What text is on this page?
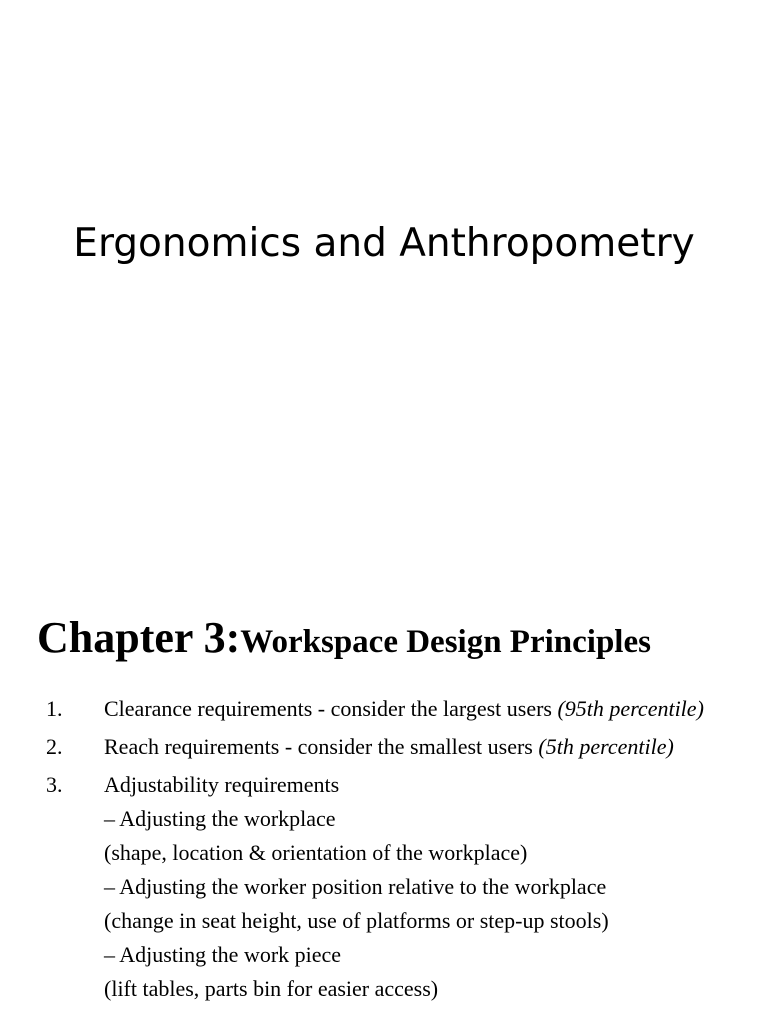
Ergonomics and Anthropometry
Chapter 3:Workspace Design Principles
1. Clearance requirements - consider the largest users (95th percentile)
2. Reach requirements - consider the smallest users (5th percentile)
3. Adjustability requirements
– Adjusting the workplace
(shape, location & orientation of the workplace)
– Adjusting the worker position relative to the workplace
(change in seat height, use of platforms or step-up stools)
– Adjusting the work piece
(lift tables, parts bin for easier access)
